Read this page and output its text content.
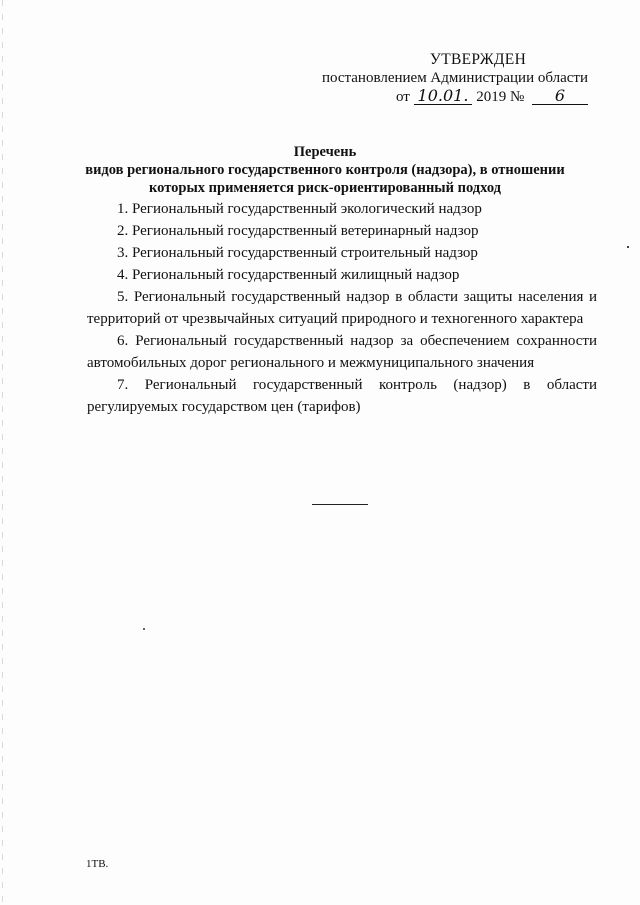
УТВЕРЖДЕН
постановлением Администрации области
от 10.01. 2019 № 6
Перечень
видов регионального государственного контроля (надзора), в отношении
которых применяется риск-ориентированный подход
1. Региональный государственный экологический надзор
2. Региональный государственный ветеринарный надзор
3. Региональный государственный строительный надзор
4. Региональный государственный жилищный надзор

5. Региональный государственный надзор в области защиты населения и территорий от чрезвычайных ситуаций природного и техногенного характера

6. Региональный государственный надзор за обеспечением сохранности автомобильных дорог регионального и межмуниципального значения

7. Региональный государственный контроль (надзор) в области регулируемых государством цен (тарифов)

1ТВ.
